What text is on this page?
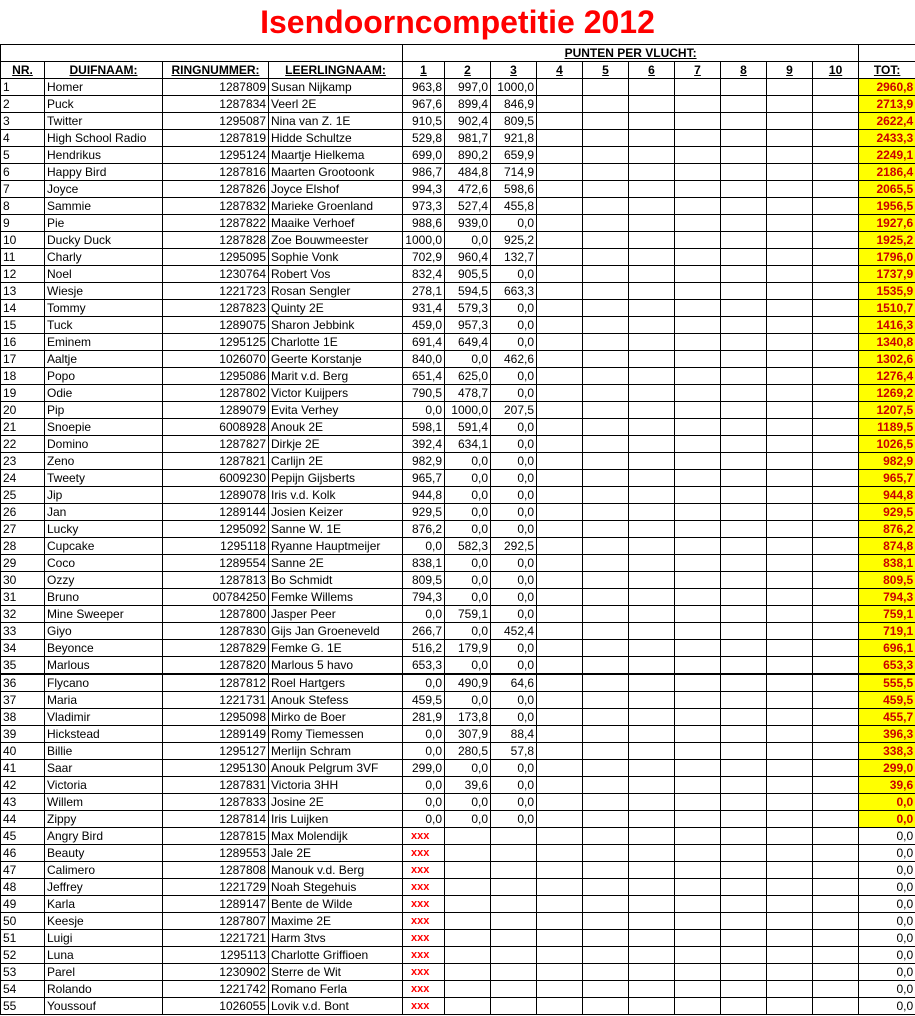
Isendoorncompetitie 2012
				PUNTEN PER VLUCHT:										
NR.	DUIFNAAM:	RINGNUMMER:	LEERLINGNAAM:	1	2	3	4	5	6	7	8	9	10	TOT:
1	Homer	1287809	Susan Nijkamp	963,8	997,0	1000,0								2960,8
2	Puck	1287834	Veerl 2E	967,6	899,4	846,9								2713,9
3	Twitter	1295087	Nina van Z. 1E	910,5	902,4	809,5								2622,4
4	High School Radio	1287819	Hidde Schultze	529,8	981,7	921,8								2433,3
5	Hendrikus	1295124	Maartje Hielkema	699,0	890,2	659,9								2249,1
6	Happy Bird	1287816	Maarten Grootoonk	986,7	484,8	714,9								2186,4
7	Joyce	1287826	Joyce Elshof	994,3	472,6	598,6								2065,5
8	Sammie	1287832	Marieke Groenland	973,3	527,4	455,8								1956,5
9	Pie	1287822	Maaike Verhoef	988,6	939,0	0,0								1927,6
10	Ducky Duck	1287828	Zoe Bouwmeester	1000,0	0,0	925,2								1925,2
11	Charly	1295095	Sophie Vonk	702,9	960,4	132,7								1796,0
12	Noel	1230764	Robert Vos	832,4	905,5	0,0								1737,9
13	Wiesje	1221723	Rosan Sengler	278,1	594,5	663,3								1535,9
14	Tommy	1287823	Quinty 2E	931,4	579,3	0,0								1510,7
15	Tuck	1289075	Sharon Jebbink	459,0	957,3	0,0								1416,3
16	Eminem	1295125	Charlotte 1E	691,4	649,4	0,0								1340,8
17	Aaltje	1026070	Geerte Korstanje	840,0	0,0	462,6								1302,6
18	Popo	1295086	Marit v.d. Berg	651,4	625,0	0,0								1276,4
19	Odie	1287802	Victor Kuijpers	790,5	478,7	0,0								1269,2
20	Pip	1289079	Evita Verhey	0,0	1000,0	207,5								1207,5
21	Snoepie	6008928	Anouk 2E	598,1	591,4	0,0								1189,5
22	Domino	1287827	Dirkje 2E	392,4	634,1	0,0								1026,5
23	Zeno	1287821	Carlijn 2E	982,9	0,0	0,0								982,9
24	Tweety	6009230	Pepijn Gijsberts	965,7	0,0	0,0								965,7
25	Jip	1289078	Iris v.d. Kolk	944,8	0,0	0,0								944,8
26	Jan	1289144	Josien Keizer	929,5	0,0	0,0								929,5
27	Lucky	1295092	Sanne W. 1E	876,2	0,0	0,0								876,2
28	Cupcake	1295118	Ryanne Hauptmeijer	0,0	582,3	292,5								874,8
29	Coco	1289554	Sanne 2E	838,1	0,0	0,0								838,1
30	Ozzy	1287813	Bo Schmidt	809,5	0,0	0,0								809,5
31	Bruno	00784250	Femke Willems	794,3	0,0	0,0								794,3
32	Mine Sweeper	1287800	Jasper Peer	0,0	759,1	0,0								759,1
33	Giyo	1287830	Gijs Jan Groeneveld	266,7	0,0	452,4								719,1
34	Beyonce	1287829	Femke G. 1E	516,2	179,9	0,0								696,1
35	Marlous	1287820	Marlous 5 havo	653,3	0,0	0,0								653,3
36	Flycano	1287812	Roel Hartgers	0,0	490,9	64,6								555,5
37	Maria	1221731	Anouk Stefess	459,5	0,0	0,0								459,5
38	Vladimir	1295098	Mirko de Boer	281,9	173,8	0,0								455,7
39	Hickstead	1289149	Romy Tiemessen	0,0	307,9	88,4								396,3
40	Billie	1295127	Merlijn Schram	0,0	280,5	57,8								338,3
41	Saar	1295130	Anouk Pelgrum 3VF	299,0	0,0	0,0								299,0
42	Victoria	1287831	Victoria 3HH	0,0	39,6	0,0								39,6
43	Willem	1287833	Josine 2E	0,0	0,0	0,0								0,0
44	Zippy	1287814	Iris Luijken	0,0	0,0	0,0								0,0
45	Angry Bird	1287815	Max Molendijk	xxx										0,0
46	Beauty	1289553	Jale 2E	xxx										0,0
47	Calimero	1287808	Manouk v.d. Berg	xxx										0,0
48	Jeffrey	1221729	Noah Stegehuis	xxx										0,0
49	Karla	1289147	Bente de Wilde	xxx										0,0
50	Keesje	1287807	Maxime 2E	xxx										0,0
51	Luigi	1221721	Harm 3tvs	xxx										0,0
52	Luna	1295113	Charlotte Griffioen	xxx										0,0
53	Parel	1230902	Sterre de Wit	xxx										0,0
54	Rolando	1221742	Romano Ferla	xxx										0,0
55	Youssouf	1026055	Lovik v.d. Bont	xxx										0,0
